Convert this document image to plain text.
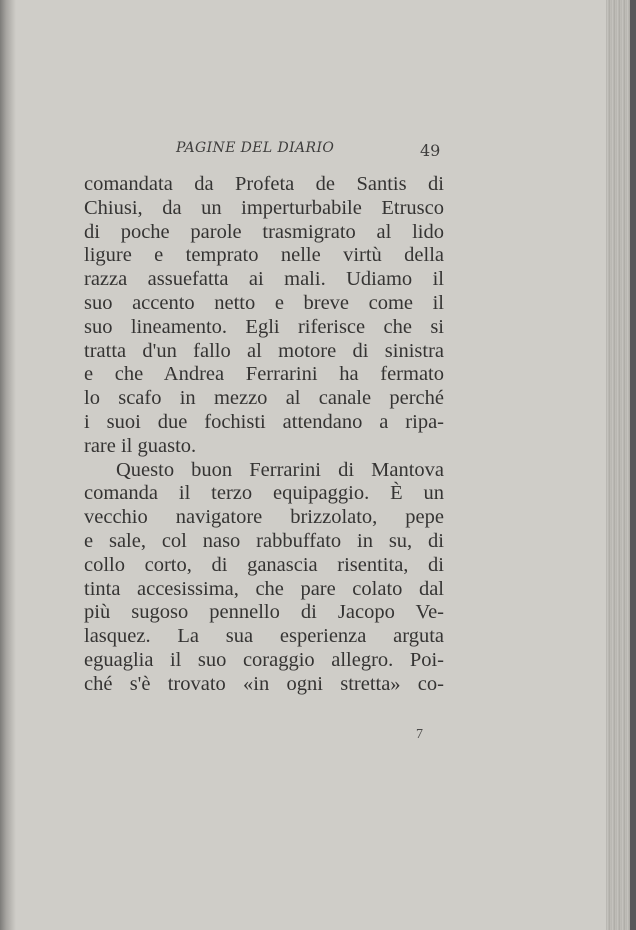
PAGINE DEL DIARIO	49
comandata da Profeta de Santis di
Chiusi, da un imperturbabile Etrusco
di poche parole trasmigrato al lido
ligure e temprato nelle virtù della
razza assuefatta ai mali. Udiamo il
suo accento netto e breve come il
suo lineamento. Egli riferisce che si
tratta d'un fallo al motore di sinistra
e che Andrea Ferrarini ha fermato
lo scafo in mezzo al canale perché
i suoi due fochisti attendano a ripa-
rare il guasto.
Questo buon Ferrarini di Mantova
comanda il terzo equipaggio. È un
vecchio navigatore brizzolato, pepe
e sale, col naso rabbuffato in su, di
collo corto, di ganascia risentita, di
tinta accesissima, che pare colato dal
più sugoso pennello di Jacopo Ve-
lasquez. La sua esperienza arguta
eguaglia il suo coraggio allegro. Poi-
ché s'è trovato «in ogni stretta» co-
7
